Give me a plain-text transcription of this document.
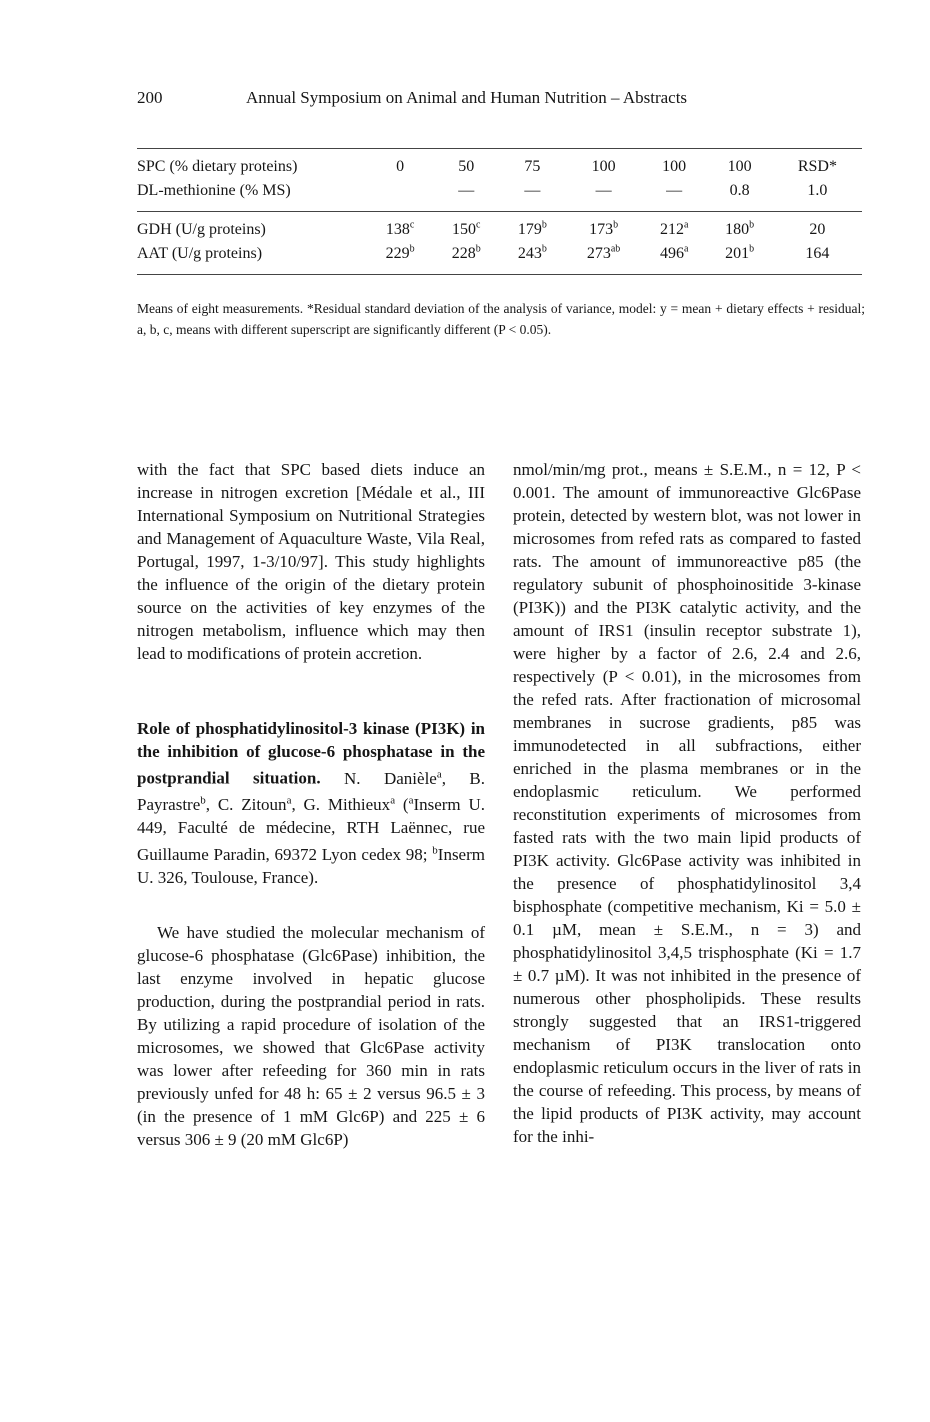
200	Annual Symposium on Animal and Human Nutrition – Abstracts
SPC (% dietary proteins)	0	50	75	100	100	100	RSD*
DL-methionine (% MS)		—	—	—	—	0.8	1.0
GDH (U/g proteins)	138$^c$	150$^c$	179$^b$	173$^b$	212$^a$	180$^b$	20
AAT (U/g proteins)	229$^b$	228$^b$	243$^b$	$273^{ab}$	496$^a$	201$^b$	164

Means of eight measurements. *Residual standard deviation of the analysis of variance, model: y = mean + dietary effects + residual; a, b, c, means with different superscript are significantly different (P < 0.05).

with the fact that SPC based diets induce an increase in nitrogen excretion [Médale et al., III International Symposium on Nutritional Strategies and Management of Aquaculture Waste, Vila Real, Portugal, 1997, 1-3/10/97]. This study highlights the influence of the origin of the dietary protein source on the activities of key enzymes of the nitrogen metabolism, influence which may then lead to modifications of protein accretion.

Role of phosphatidylinositol-3 kinase (PI3K) in the inhibition of glucose-6 phosphatase in the postprandial situation. N. Danièle$^a$, B. Payrastre$^b$, C. Zitoun$^a$, G. Mithieux$^a$ ($^a$Inserm U. 449, Faculté de médecine, RTH Laënnec, rue Guillaume Paradin, 69372 Lyon cedex 98; $^b$Inserm U. 326, Toulouse, France).

We have studied the molecular mechanism of glucose-6 phosphatase (Glc6Pase) inhibition, the last enzyme involved in hepatic glucose production, during the postprandial period in rats. By utilizing a rapid procedure of isolation of the microsomes, we showed that Glc6Pase activity was lower after refeeding for 360 min in rats previously unfed for 48 h: 65 ± 2 versus 96.5 ± 3 (in the presence of 1 mM Glc6P) and 225 ± 6 versus 306 ± 9 (20 mM Glc6P)

nmol/min/mg prot., means ± S.E.M., n = 12, P < 0.001. The amount of immunoreactive Glc6Pase protein, detected by western blot, was not lower in microsomes from refed rats as compared to fasted rats. The amount of immunoreactive p85 (the regulatory subunit of phosphoinositide 3-kinase (PI3K)) and the PI3K catalytic activity, and the amount of IRS1 (insulin receptor substrate 1), were higher by a factor of 2.6, 2.4 and 2.6, respectively (P < 0.01), in the microsomes from the refed rats. After fractionation of microsomal membranes in sucrose gradients, p85 was immunodetected in all subfractions, either enriched in the plasma membranes or in the endoplasmic reticulum. We performed reconstitution experiments of microsomes from fasted rats with the two main lipid products of PI3K activity. Glc6Pase activity was inhibited in the presence of phosphatidylinositol 3,4 bisphosphate (competitive mechanism, Ki = 5.0 ± 0.1 µM, mean ± S.E.M., n = 3) and phosphatidylinositol 3,4,5 trisphosphate (Ki = 1.7 ± 0.7 µM). It was not inhibited in the presence of numerous other phospholipids. These results strongly suggested that an IRS1-triggered mechanism of PI3K translocation onto endoplasmic reticulum occurs in the liver of rats in the course of refeeding. This process, by means of the lipid products of PI3K activity, may account for the inhi-
